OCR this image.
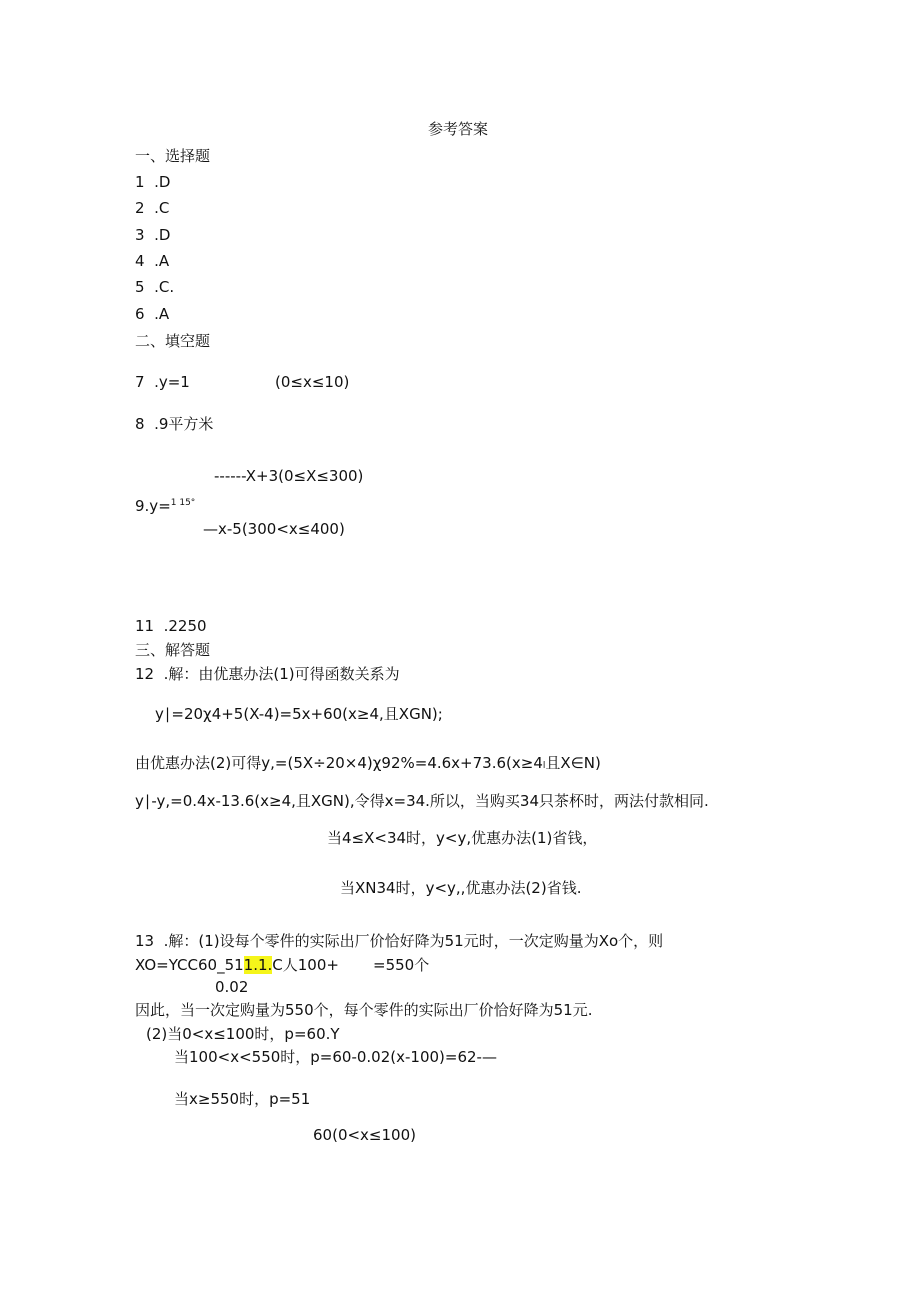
参考答案
一、选择题
1  .D
2  .C
3  .D
4  .A
5  .C.
6  .A
二、填空题
7  .y=1	(0≤x≤10)
8  .9平方米
------X+3(0≤X≤300)
9.y=$^{1 15^\circ}$
—x-5(300<x≤400)
11  .2250
三、解答题
12  .解：由优惠办法(1)可得函数关系为
y∣=20χ4+5(X-4)=5x+60(x≥4,且XGN);
由优惠办法(2)可得y,=(5X÷20×4)χ92%=4.6x+73.6(x≥4l且X∈N)
y∣-y,=0.4x-13.6(x≥4,且XGN),令得x=34.所以，当购买34只茶杯时，两法付款相同.
当4≤X<34时，y<y,优惠办法(1)省钱，
当XN34时，y<y,,优惠办法(2)省钱.
13  .解：(1)设每个零件的实际出厂价恰好降为51元时，一次定购量为Xo个，则
XO=YCC60_511.1.C人100+ =550个
0.02
因此，当一次定购量为550个，每个零件的实际出厂价恰好降为51元.
(2)当0<x≤100时，p=60.Y
当100<x<550时，p=60-0.02(x-100)=62-—
当x≥550时，p=51
60(0<x≤100)
